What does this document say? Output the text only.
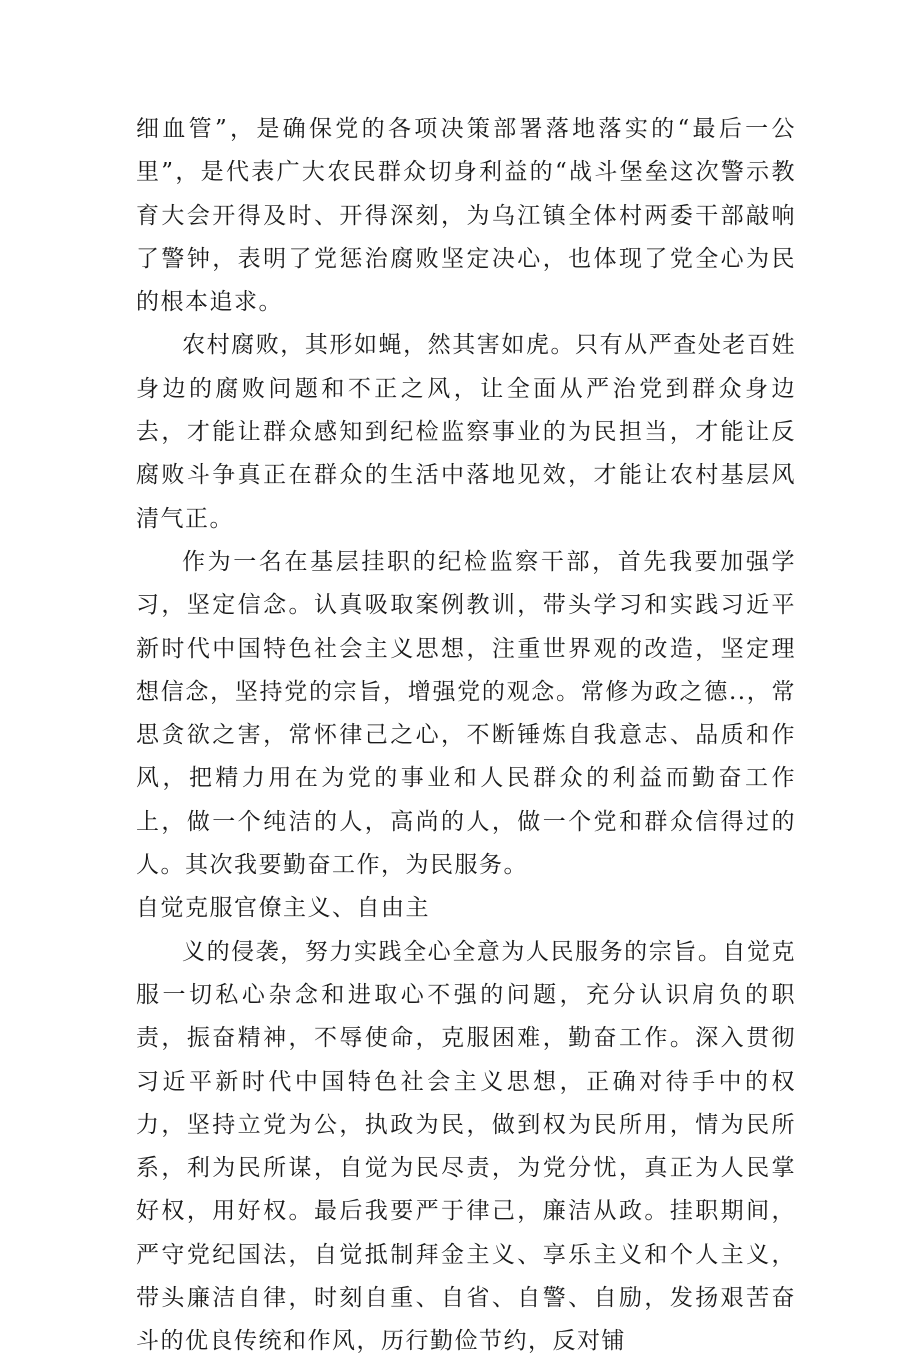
细血管”，是确保党的各项决策部署落地落实的“最后一公里”，是代表广大农民群众切身利益的“战斗堡垒这次警示教育大会开得及时、开得深刻，为乌江镇全体村两委干部敲响了警钟，表明了党惩治腐败坚定决心，也体现了党全心为民的根本追求。

农村腐败，其形如蝇，然其害如虎。只有从严查处老百姓身边的腐败问题和不正之风，让全面从严治党到群众身边去，才能让群众感知到纪检监察事业的为民担当，才能让反腐败斗争真正在群众的生活中落地见效，才能让农村基层风清气正。

作为一名在基层挂职的纪检监察干部，首先我要加强学习，坚定信念。认真吸取案例教训，带头学习和实践习近平新时代中国特色社会主义思想，注重世界观的改造，坚定理想信念，坚持党的宗旨，增强党的观念。常修为政之德..，常思贪欲之害，常怀律己之心，不断锤炼自我意志、品质和作风，把精力用在为党的事业和人民群众的利益而勤奋工作上，做一个纯洁的人，高尚的人，做一个党和群众信得过的人。其次我要勤奋工作，为民服务。

自觉克服官僚主义、自由主

义的侵袭，努力实践全心全意为人民服务的宗旨。自觉克服一切私心杂念和进取心不强的问题，充分认识肩负的职责，振奋精神，不辱使命，克服困难，勤奋工作。深入贯彻习近平新时代中国特色社会主义思想，正确对待手中的权力，坚持立党为公，执政为民，做到权为民所用，情为民所系，利为民所谋，自觉为民尽责，为党分忧，真正为人民掌好权，用好权。最后我要严于律己，廉洁从政。挂职期间，严守党纪国法，自觉抵制拜金主义、享乐主义和个人主义，带头廉洁自律，时刻自重、自省、自警、自励，发扬艰苦奋斗的优良传统和作风，历行勤俭节约，反对铺
